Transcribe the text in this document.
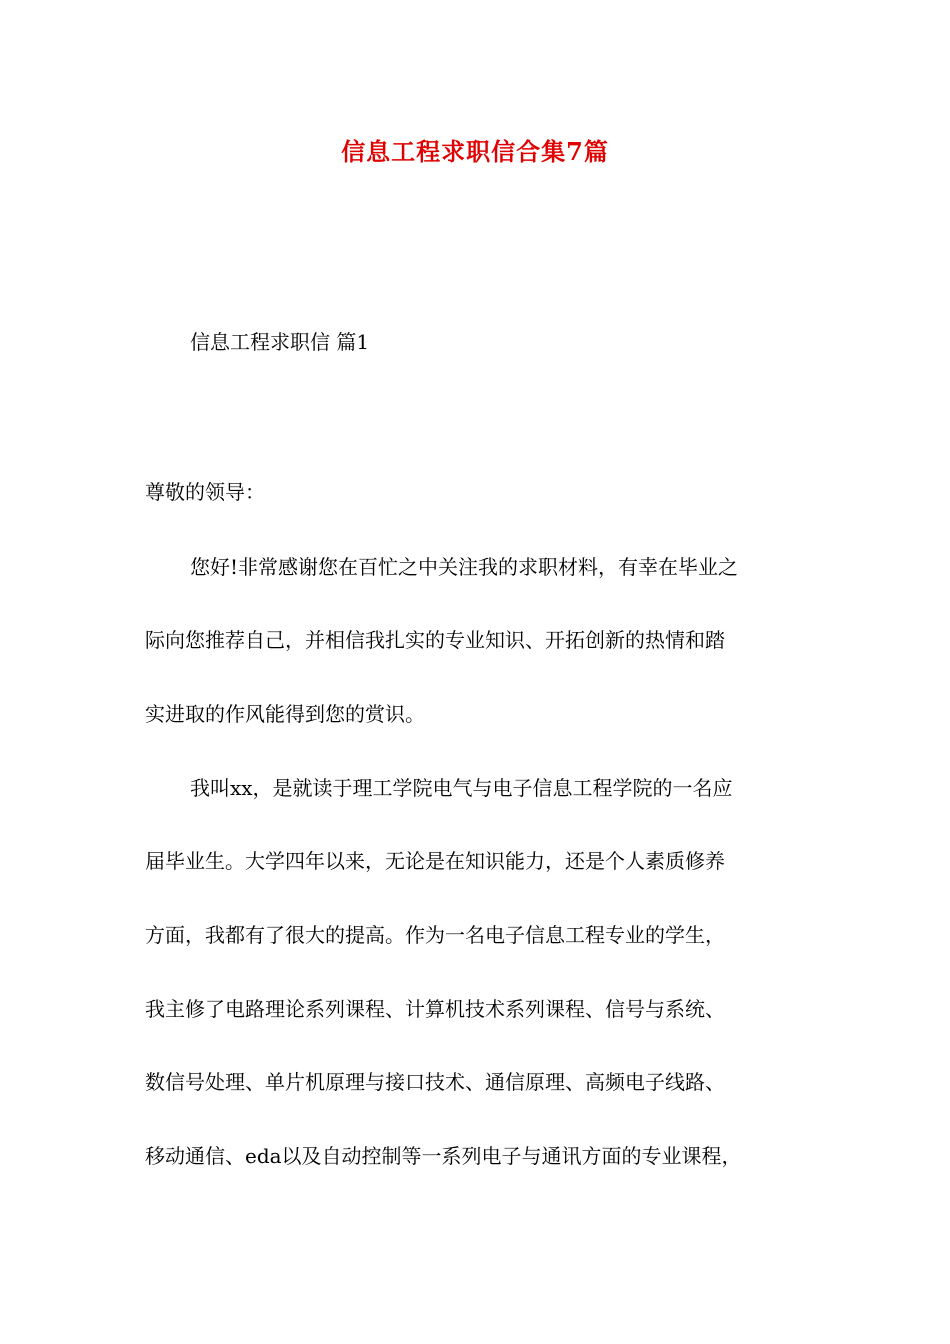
信息工程求职信合集7篇
信息工程求职信 篇1
尊敬的领导：
您好!非常感谢您在百忙之中关注我的求职材料，有幸在毕业之
际向您推荐自己，并相信我扎实的专业知识、开拓创新的热情和踏
实进取的作风能得到您的赏识。
我叫xx，是就读于理工学院电气与电子信息工程学院的一名应
届毕业生。大学四年以来，无论是在知识能力，还是个人素质修养
方面，我都有了很大的提高。作为一名电子信息工程专业的学生，
我主修了电路理论系列课程、计算机技术系列课程、信号与系统、
数信号处理、单片机原理与接口技术、通信原理、高频电子线路、
移动通信、eda以及自动控制等一系列电子与通讯方面的专业课程，
